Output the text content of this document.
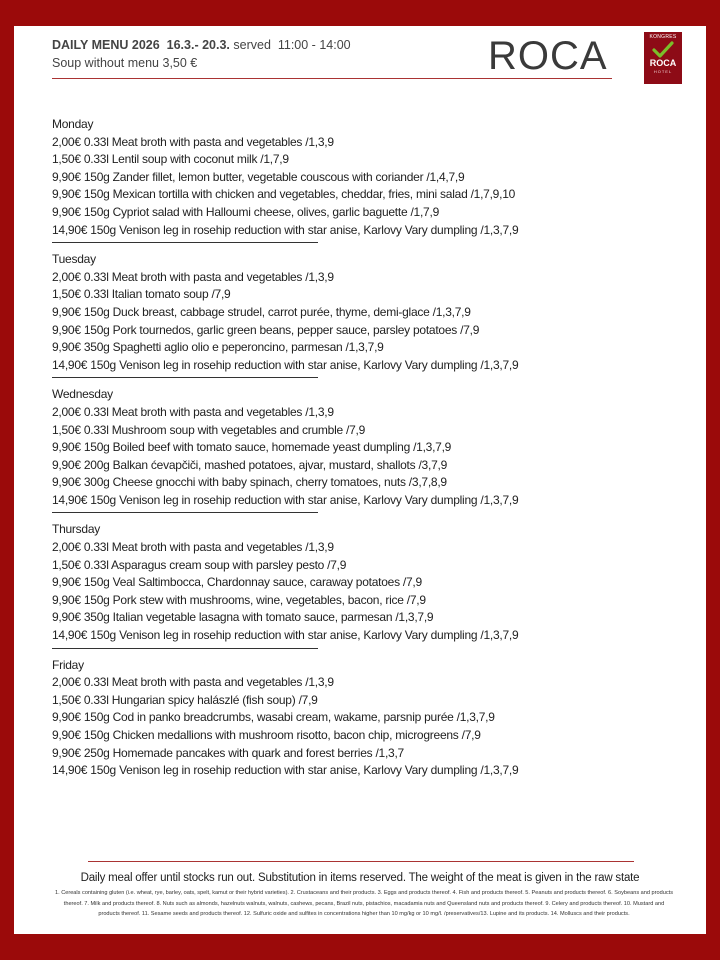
DAILY MENU 2026 16.3.- 20.3. served 11:00 - 14:00
Soup without menu 3,50 €	ROCA	KONGRES
ROCA
HOTEL
Monday
2,00€ 0.33l Meat broth with pasta and vegetables /1,3,9
1,50€ 0.33l Lentil soup with coconut milk /1,7,9
9,90€ 150g Zander fillet, lemon butter, vegetable couscous with coriander /1,4,7,9
9,90€ 150g Mexican tortilla with chicken and vegetables, cheddar, fries, mini salad /1,7,9,10
9,90€ 150g Cypriot salad with Halloumi cheese, olives, garlic baguette /1,7,9
14,90€ 150g Venison leg in rosehip reduction with star anise, Karlovy Vary dumpling /1,3,7,9
Tuesday
2,00€ 0.33l Meat broth with pasta and vegetables /1,3,9
1,50€ 0.33l Italian tomato soup /7,9
9,90€ 150g Duck breast, cabbage strudel, carrot purée, thyme, demi-glace /1,3,7,9
9,90€ 150g Pork tournedos, garlic green beans, pepper sauce, parsley potatoes /7,9
9,90€ 350g Spaghetti aglio olio e peperoncino, parmesan /1,3,7,9
14,90€ 150g Venison leg in rosehip reduction with star anise, Karlovy Vary dumpling /1,3,7,9
Wednesday
2,00€ 0.33l Meat broth with pasta and vegetables /1,3,9
1,50€ 0.33l Mushroom soup with vegetables and crumble /7,9
9,90€ 150g Boiled beef with tomato sauce, homemade yeast dumpling /1,3,7,9
9,90€ 200g Balkan ćevapčiči, mashed potatoes, ajvar, mustard, shallots /3,7,9
9,90€ 300g Cheese gnocchi with baby spinach, cherry tomatoes, nuts /3,7,8,9
14,90€ 150g Venison leg in rosehip reduction with star anise, Karlovy Vary dumpling /1,3,7,9
Thursday
2,00€ 0.33l Meat broth with pasta and vegetables /1,3,9
1,50€ 0.33l Asparagus cream soup with parsley pesto /7,9
9,90€ 150g Veal Saltimbocca, Chardonnay sauce, caraway potatoes /7,9
9,90€ 150g Pork stew with mushrooms, wine, vegetables, bacon, rice /7,9
9,90€ 350g Italian vegetable lasagna with tomato sauce, parmesan /1,3,7,9
14,90€ 150g Venison leg in rosehip reduction with star anise, Karlovy Vary dumpling /1,3,7,9
Friday
2,00€ 0.33l Meat broth with pasta and vegetables /1,3,9
1,50€ 0.33l Hungarian spicy halászlé (fish soup) /7,9
9,90€ 150g Cod in panko breadcrumbs, wasabi cream, wakame, parsnip purée /1,3,7,9
9,90€ 150g Chicken medallions with mushroom risotto, bacon chip, microgreens /7,9
9,90€ 250g Homemade pancakes with quark and forest berries /1,3,7
14,90€ 150g Venison leg in rosehip reduction with star anise, Karlovy Vary dumpling /1,3,7,9
Daily meal offer until stocks run out. Substitution in items reserved. The weight of the meat is given in the raw state
1. Cereals containing gluten (i.e. wheat, rye, barley, oats, spelt, kamut or their hybrid varieties). 2. Crustaceans and their products. 3. Eggs and products thereof. 4. Fish and products thereof. 5. Peanuts and products thereof. 6. Soybeans and products thereof. 7. Milk and products thereof. 8. Nuts such as almonds, hazelnuts walnuts, walnuts, cashews, pecans, Brazil nuts, pistachios, macadamia nuts and Queensland nuts and products thereof. 9. Celery and products thereof. 10. Mustard and products thereof. 11. Sesame seeds and products thereof. 12. Sulfuric oxide and sulfites in concentrations higher than 10 mg/kg or 10 mg/l. /preservatives/13. Lupine and its products. 14. Molluscs and their products.
